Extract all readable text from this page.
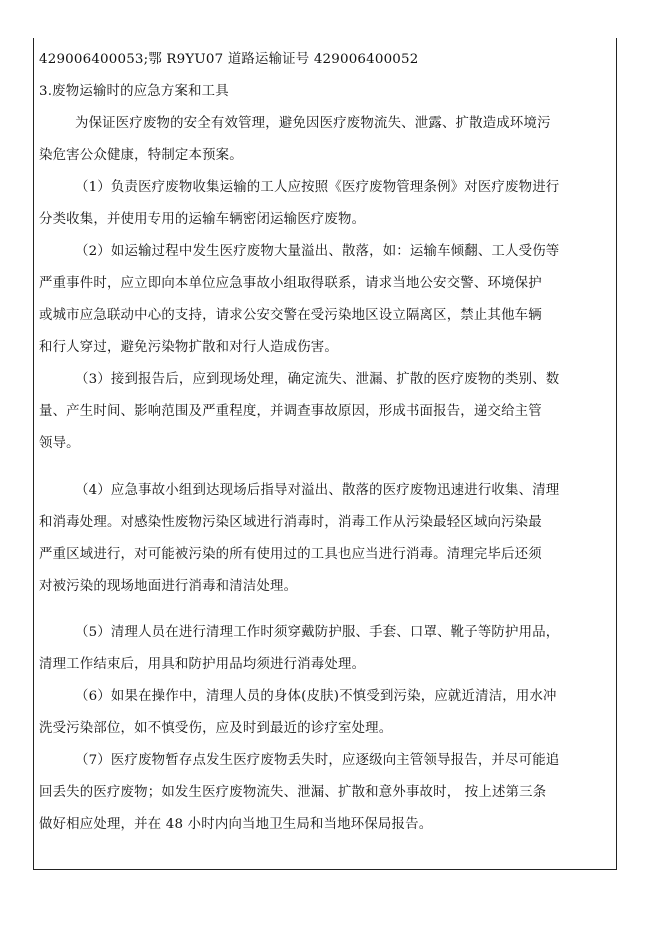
429006400053;鄂 R9YU07 道路运输证号 429006400052

3.废物运输时的应急方案和工具

为保证医疗废物的安全有效管理，避免因医疗废物流失、泄露、扩散造成环境污

染危害公众健康，特制定本预案。

（1）负责医疗废物收集运输的工人应按照《医疗废物管理条例》对医疗废物进行

分类收集，并使用专用的运输车辆密闭运输医疗废物。

（2）如运输过程中发生医疗废物大量溢出、散落，如：运输车倾翻、工人受伤等

严重事件时，应立即向本单位应急事故小组取得联系，请求当地公安交警、环境保护

或城市应急联动中心的支持，请求公安交警在受污染地区设立隔离区，禁止其他车辆

和行人穿过，避免污染物扩散和对行人造成伤害。

（3）接到报告后，应到现场处理，确定流失、泄漏、扩散的医疗废物的类别、数

量、产生时间、影响范围及严重程度，并调查事故原因，形成书面报告，递交给主管

领导。

（4）应急事故小组到达现场后指导对溢出、散落的医疗废物迅速进行收集、清理

和消毒处理。对感染性废物污染区域进行消毒时，消毒工作从污染最轻区域向污染最

严重区域进行，对可能被污染的所有使用过的工具也应当进行消毒。清理完毕后还须

对被污染的现场地面进行消毒和清洁处理。

（5）清理人员在进行清理工作时须穿戴防护服、手套、口罩、靴子等防护用品，

清理工作结束后，用具和防护用品均须进行消毒处理。

（6）如果在操作中，清理人员的身体(皮肤)不慎受到污染，应就近清洁，用水冲

洗受污染部位，如不慎受伤，应及时到最近的诊疗室处理。

（7）医疗废物暂存点发生医疗废物丢失时，应逐级向主管领导报告，并尽可能追

回丢失的医疗废物；如发生医疗废物流失、泄漏、扩散和意外事故时， 按上述第三条

做好相应处理，并在 48 小时内向当地卫生局和当地环保局报告。
